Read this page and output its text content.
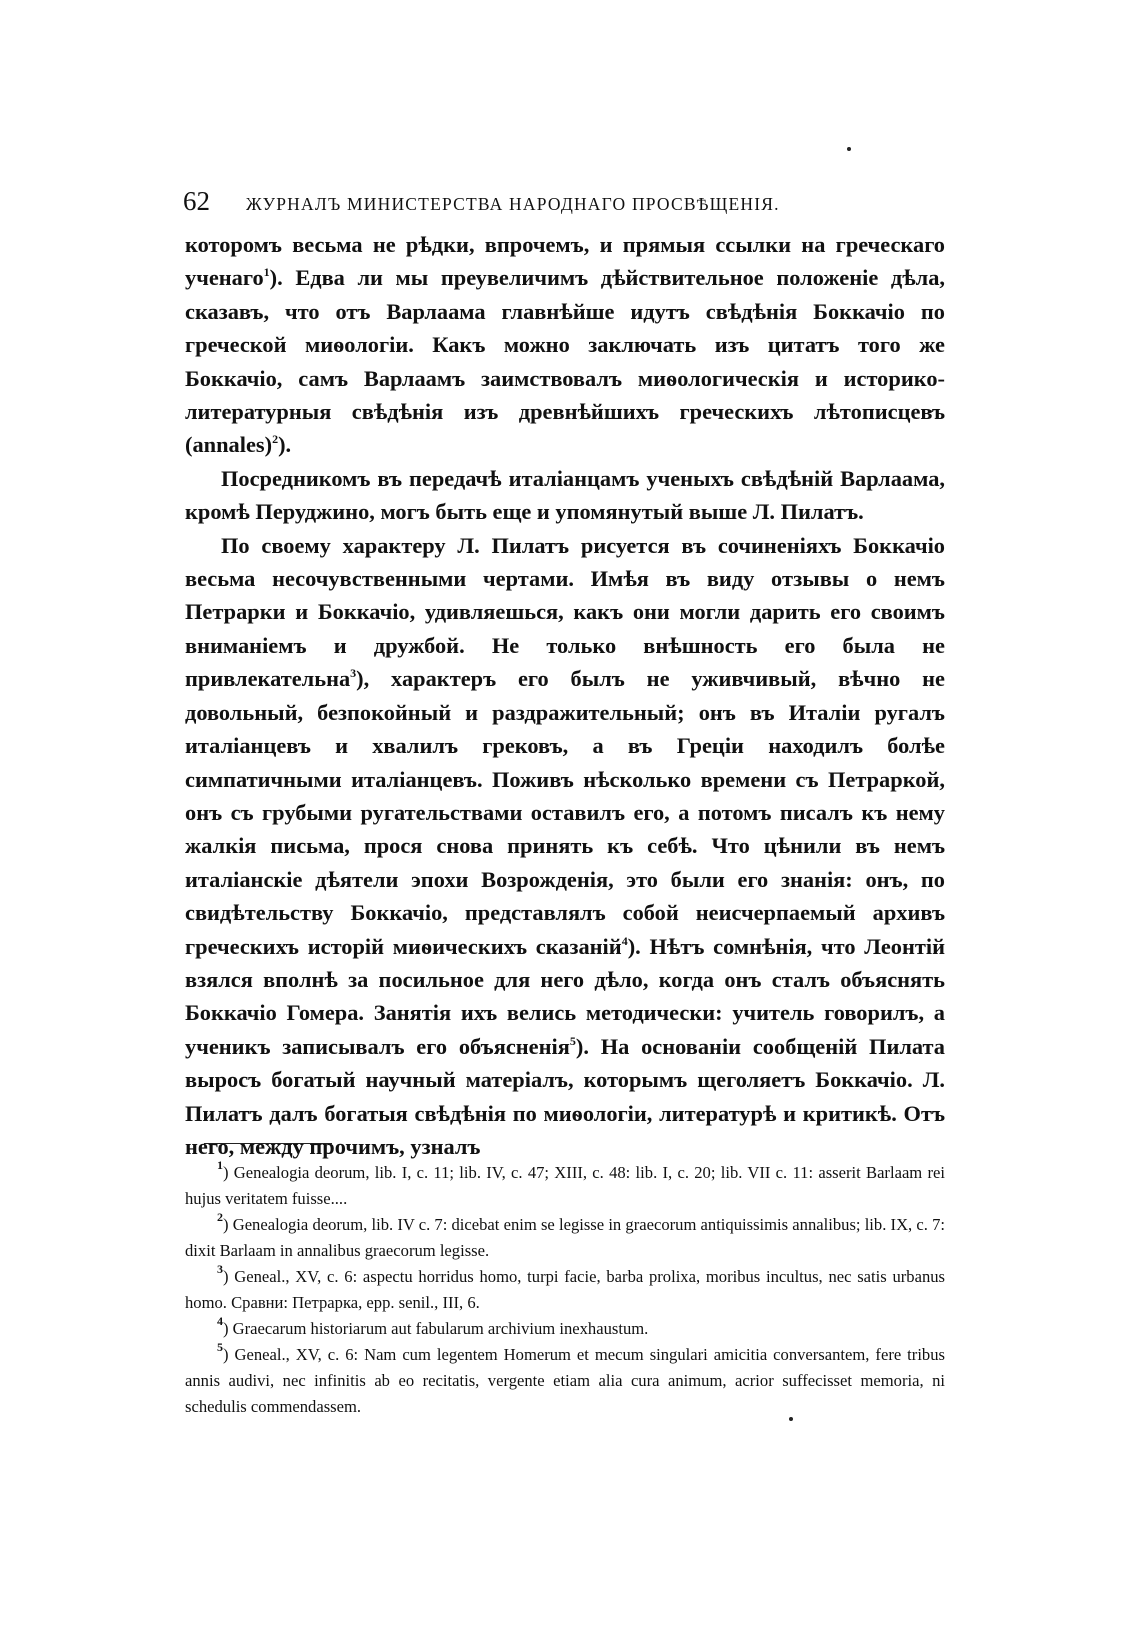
62 ЖУРНАЛЪ МИНИСТЕРСТВА НАРОДНАГО ПРОСВѢЩЕНІЯ.

которомъ весьма не рѣдки, впрочемъ, и прямыя ссылки на греческаго ученаго$^1$). Едва ли мы преувеличимъ дѣйствительное положеніе дѣла, сказавъ, что отъ Варлаама главнѣйше идутъ свѣдѣнія Боккачіо по греческой миѳологіи. Какъ можно заключать изъ цитатъ того же Боккачіо, самъ Варлаамъ заимствовалъ миѳологическія и историко-литературныя свѣдѣнія изъ древнѣйшихъ греческихъ лѣтописцевъ (annales)$^2$).

Посредникомъ въ передачѣ италіанцамъ ученыхъ свѣдѣній Варлаама, кромѣ Перуджино, могъ быть еще и упомянутый выше Л. Пилатъ.

По своему характеру Л. Пилатъ рисуется въ сочиненіяхъ Боккачіо весьма несочувственными чертами. Имѣя въ виду отзывы о немъ Петрарки и Боккачіо, удивляешься, какъ они могли дарить его своимъ вниманіемъ и дружбой. Не только внѣшность его была не привлекательна$^3$), характеръ его былъ не уживчивый, вѣчно не довольный, безпокойный и раздражительный; онъ въ Италіи ругалъ италіанцевъ и хвалилъ грековъ, а въ Греціи находилъ болѣе симпатичными италіанцевъ. Поживъ нѣсколько времени съ Петраркой, онъ съ грубыми ругательствами оставилъ его, а потомъ писалъ къ нему жалкія письма, прося снова принять къ себѣ. Что цѣнили въ немъ италіанскіе дѣятели эпохи Возрожденія, это были его знанія: онъ, по свидѣтельству Боккачіо, представлялъ собой неисчерпаемый архивъ греческихъ исторій миѳическихъ сказаній$^4$). Нѣтъ сомнѣнія, что Леонтій взялся вполнѣ за посильное для него дѣло, когда онъ сталъ объяснять Боккачіо Гомера. Занятія ихъ велись методически: учитель говорилъ, а ученикъ записывалъ его объясненія$^5$). На основаніи сообщеній Пилата выросъ богатый научный матеріалъ, которымъ щеголяетъ Боккачіо. Л. Пилатъ далъ богатыя свѣдѣнія по миѳологіи, литературѣ и критикѣ. Отъ него, между прочимъ, узналъ

$^1$) Genealogia deorum, lib. I, c. 11; lib. IV, c. 47; XIII, c. 48: lib. I, c. 20; lib. VII c. 11: asserit Barlaam rei hujus veritatem fuisse....

$^2$) Genealogia deorum, lib. IV c. 7: dicebat enim se legisse in graecorum antiquissimis annalibus; lib. IX, c. 7: dixit Barlaam in annalibus graecorum legisse.

$^3$) Geneal., XV, c. 6: aspectu horridus homo, turpi facie, barba prolixa, moribus incultus, nec satis urbanus homo. Сравни: Петрарка, epp. senil., III, 6.

$^4$) Graecarum historiarum aut fabularum archivium inexhaustum.

$^5$) Geneal., XV, c. 6: Nam cum legentem Homerum et mecum singulari amicitia conversantem, fere tribus annis audivi, nec infinitis ab eo recitatis, vergente etiam alia cura animum, acrior suffecisset memoria, ni schedulis commendassem.
